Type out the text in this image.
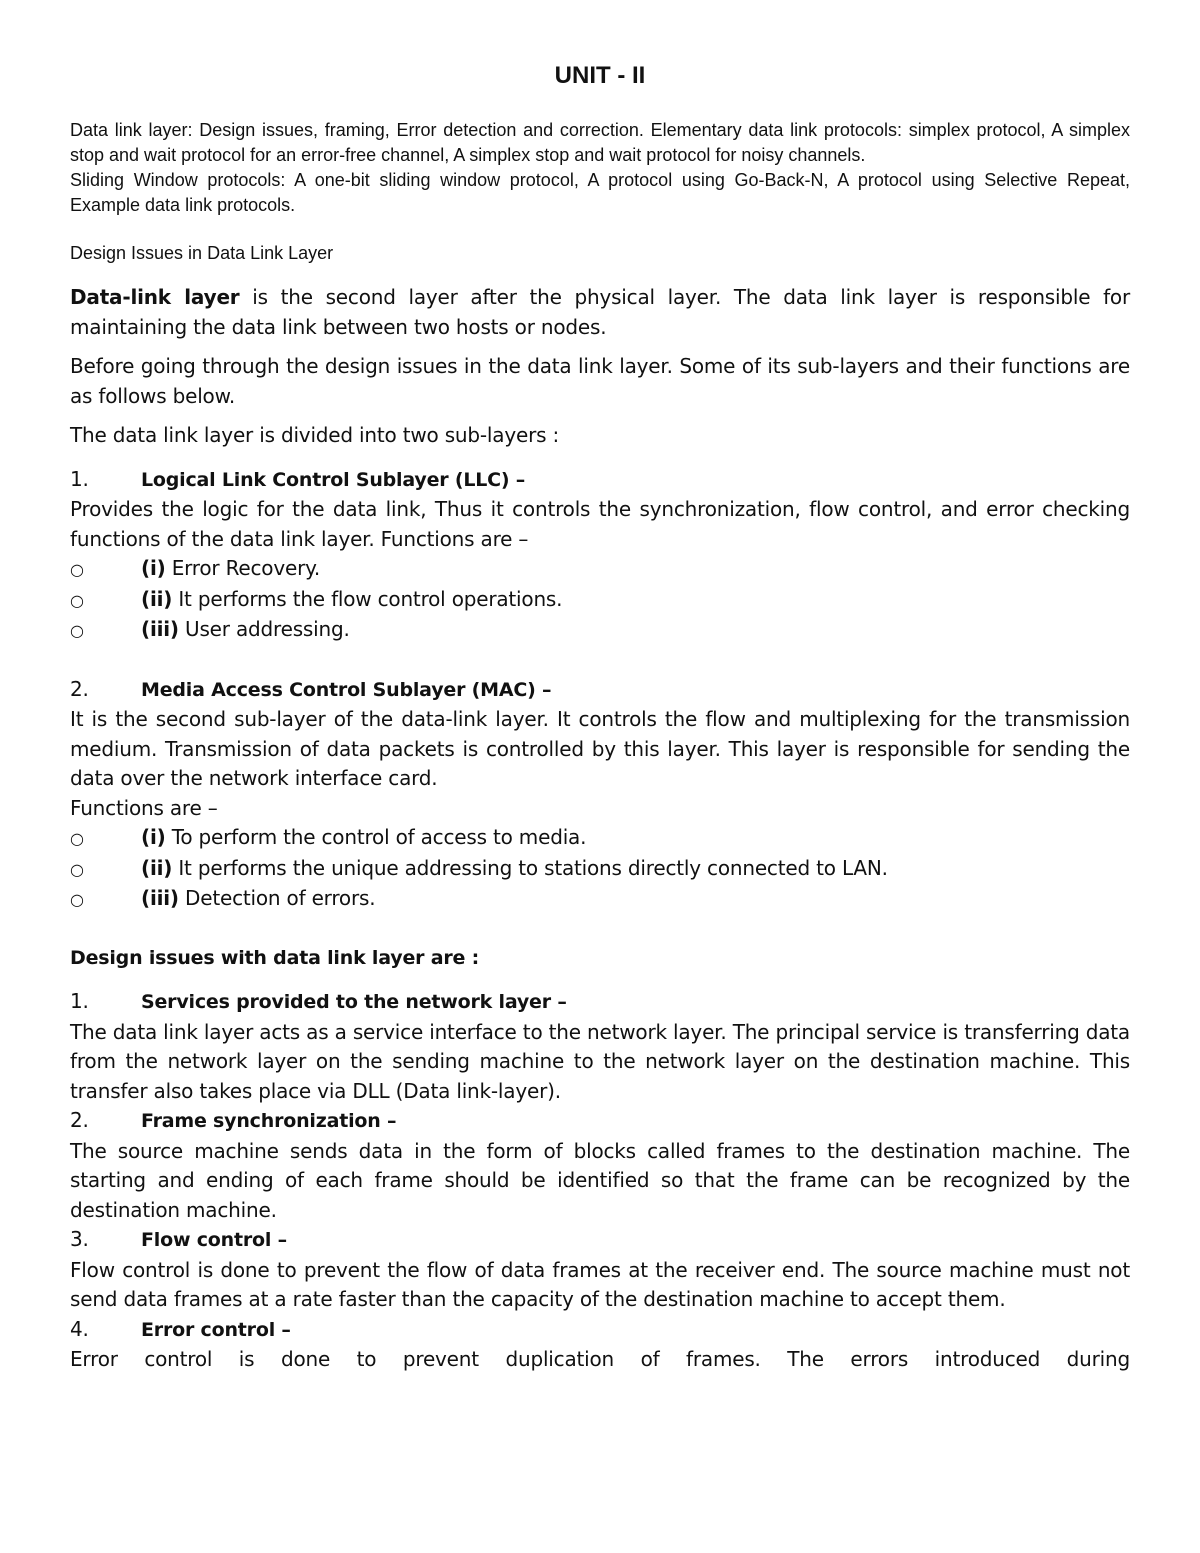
UNIT - II

Data link layer: Design issues, framing, Error detection and correction. Elementary data link protocols: simplex protocol, A simplex stop and wait protocol for an error-free channel, A simplex stop and wait protocol for noisy channels.

Sliding Window protocols: A one-bit sliding window protocol, A protocol using Go-Back-N, A protocol using Selective Repeat, Example data link protocols.

Design Issues in Data Link Layer

Data-link layer is the second layer after the physical layer. The data link layer is responsible for maintaining the data link between two hosts or nodes.

Before going through the design issues in the data link layer. Some of its sub-layers and their functions are as follows below.

The data link layer is divided into two sub-layers :

1.	Logical Link Control Sublayer (LLC) –

Provides the logic for the data link, Thus it controls the synchronization, flow control, and error checking functions of the data link layer. Functions are –

○	(i) Error Recovery.
○	(ii) It performs the flow control operations.
○	(iii) User addressing.
2.	Media Access Control Sublayer (MAC) –

It is the second sub-layer of the data-link layer. It controls the flow and multiplexing for the transmission medium. Transmission of data packets is controlled by this layer. This layer is responsible for sending the data over the network interface card.

Functions are –

○	(i) To perform the control of access to media.
○	(ii) It performs the unique addressing to stations directly connected to LAN.
○	(iii) Detection of errors.

Design issues with data link layer are :

1.	Services provided to the network layer –

The data link layer acts as a service interface to the network layer. The principal service is transferring data from the network layer on the sending machine to the network layer on the destination machine. This transfer also takes place via DLL (Data link-layer).

2.	Frame synchronization –

The source machine sends data in the form of blocks called frames to the destination machine. The starting and ending of each frame should be identified so that the frame can be recognized by the destination machine.

3.	Flow control –

Flow control is done to prevent the flow of data frames at the receiver end. The source machine must not send data frames at a rate faster than the capacity of the destination machine to accept them.

4.	Error control –

Error control is done to prevent duplication of frames. The errors introduced during
